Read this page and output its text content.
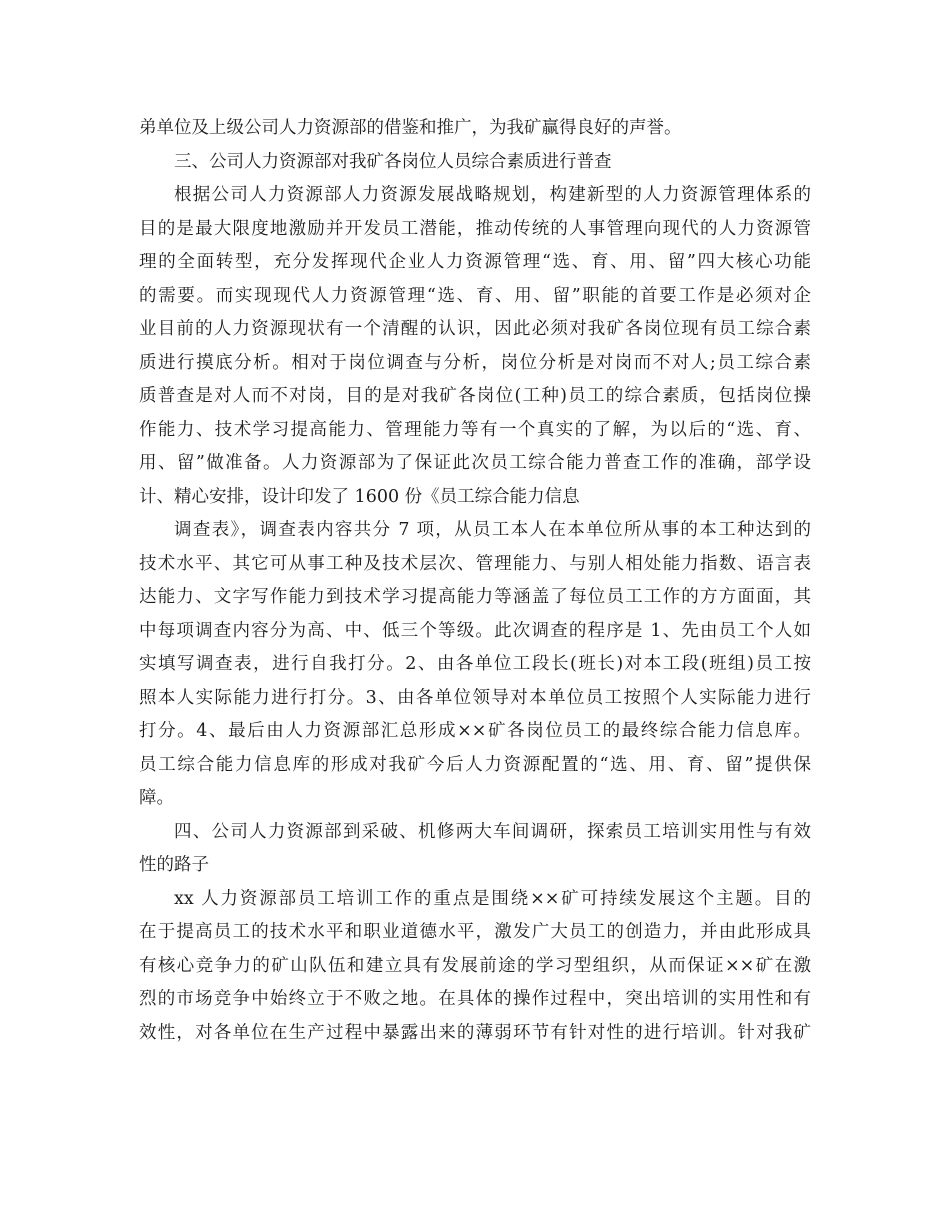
弟单位及上级公司人力资源部的借鉴和推广，为我矿赢得良好的声誉。
三、公司人力资源部对我矿各岗位人员综合素质进行普查
根据公司人力资源部人力资源发展战略规划，构建新型的人力资源管理体系的
目的是最大限度地激励并开发员工潜能，推动传统的人事管理向现代的人力资源管
理的全面转型，充分发挥现代企业人力资源管理“选、育、用、留”四大核心功能
的需要。而实现现代人力资源管理“选、育、用、留”职能的首要工作是必须对企
业目前的人力资源现状有一个清醒的认识，因此必须对我矿各岗位现有员工综合素
质进行摸底分析。相对于岗位调查与分析，岗位分析是对岗而不对人;员工综合素
质普查是对人而不对岗，目的是对我矿各岗位(工种)员工的综合素质，包括岗位操
作能力、技术学习提高能力、管理能力等有一个真实的了解，为以后的“选、育、
用、留”做准备。人力资源部为了保证此次员工综合能力普查工作的准确，部学设
计、精心安排，设计印发了 1600 份《员工综合能力信息
调查表》，调查表内容共分 7 项，从员工本人在本单位所从事的本工种达到的
技术水平、其它可从事工种及技术层次、管理能力、与别人相处能力指数、语言表
达能力、文字写作能力到技术学习提高能力等涵盖了每位员工工作的方方面面，其
中每项调查内容分为高、中、低三个等级。此次调查的程序是 1、先由员工个人如
实填写调查表，进行自我打分。2、由各单位工段长(班长)对本工段(班组)员工按
照本人实际能力进行打分。3、由各单位领导对本单位员工按照个人实际能力进行
打分。4、最后由人力资源部汇总形成××矿各岗位员工的最终综合能力信息库。
员工综合能力信息库的形成对我矿今后人力资源配置的“选、用、育、留”提供保
障。
四、公司人力资源部到采破、机修两大车间调研，探索员工培训实用性与有效
性的路子
xx 人力资源部员工培训工作的重点是围绕××矿可持续发展这个主题。目的
在于提高员工的技术水平和职业道德水平，激发广大员工的创造力，并由此形成具
有核心竞争力的矿山队伍和建立具有发展前途的学习型组织，从而保证××矿在激
烈的市场竞争中始终立于不败之地。在具体的操作过程中，突出培训的实用性和有
效性，对各单位在生产过程中暴露出来的薄弱环节有针对性的进行培训。针对我矿
